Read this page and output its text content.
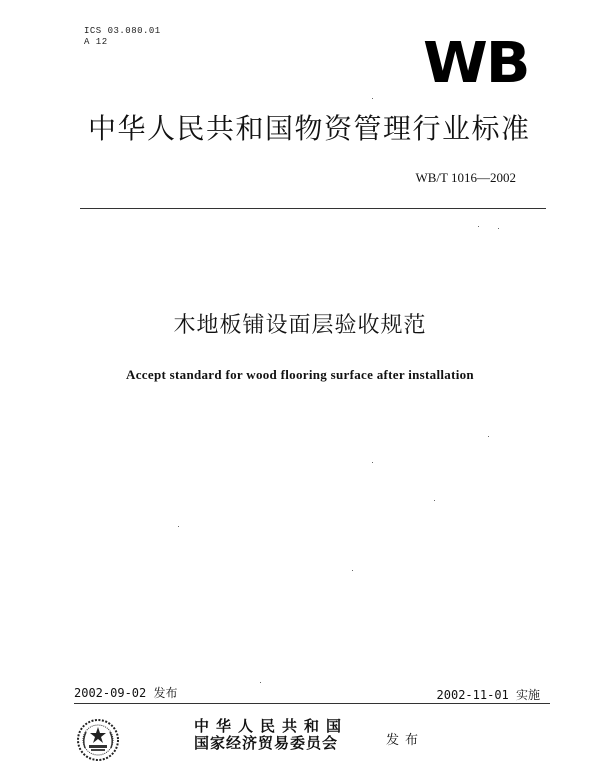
ICS 03.080.01
A 12	WB
中华人民共和国物资管理行业标准
WB/T 1016—2002
木地板铺设面层验收规范
Accept standard for wood flooring surface after installation
2002-09-02 发布	2002-11-01 实施
中华人民共和国
国家经济贸易委员会	发布
